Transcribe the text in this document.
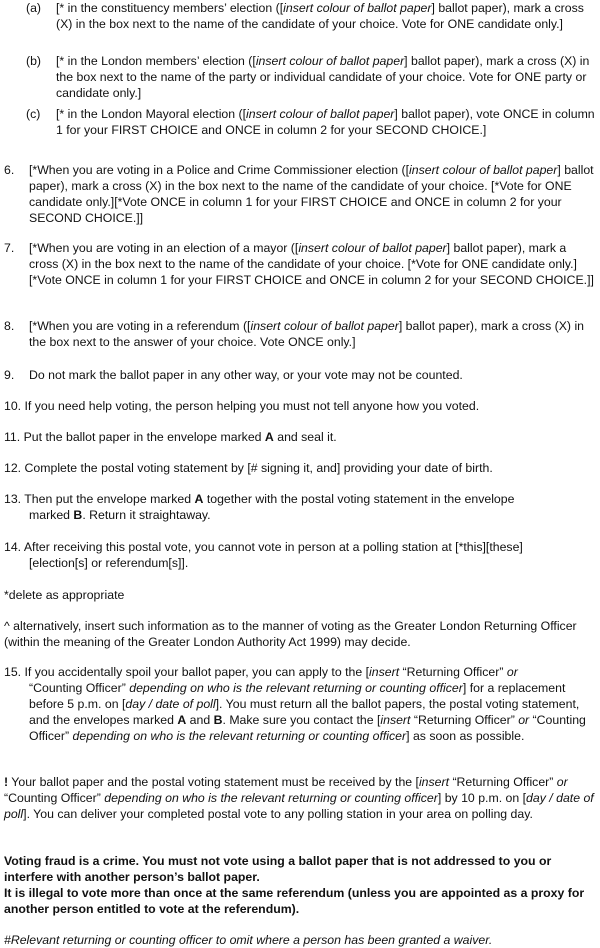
(a) [* in the constituency members’ election ([insert colour of ballot paper] ballot paper), mark a cross (X) in the box next to the name of the candidate of your choice. Vote for ONE candidate only.]
(b) [* in the London members’ election ([insert colour of ballot paper] ballot paper), mark a cross (X) in the box next to the name of the party or individual candidate of your choice. Vote for ONE party or candidate only.]
(c) [* in the London Mayoral election ([insert colour of ballot paper] ballot paper), vote ONCE in column 1 for your FIRST CHOICE and ONCE in column 2 for your SECOND CHOICE.]
6. [*When you are voting in a Police and Crime Commissioner election ([insert colour of ballot paper] ballot paper), mark a cross (X) in the box next to the name of the candidate of your choice. [*Vote for ONE candidate only.][*Vote ONCE in column 1 for your FIRST CHOICE and ONCE in column 2 for your SECOND CHOICE.]]
7. [*When you are voting in an election of a mayor ([insert colour of ballot paper] ballot paper), mark a cross (X) in the box next to the name of the candidate of your choice. [*Vote for ONE candidate only.][*Vote ONCE in column 1 for your FIRST CHOICE and ONCE in column 2 for your SECOND CHOICE.]]
8. [*When you are voting in a referendum ([insert colour of ballot paper] ballot paper), mark a cross (X) in the box next to the answer of your choice. Vote ONCE only.]
9. Do not mark the ballot paper in any other way, or your vote may not be counted.
10. If you need help voting, the person helping you must not tell anyone how you voted.
11. Put the ballot paper in the envelope marked A and seal it.
12. Complete the postal voting statement by [# signing it, and] providing your date of birth.
13. Then put the envelope marked A together with the postal voting statement in the envelope
marked B. Return it straightaway.
14. After receiving this postal vote, you cannot vote in person at a polling station at [*this][these]
[election[s] or referendum[s]].
*delete as appropriate
^ alternatively, insert such information as to the manner of voting as the Greater London Returning Officer (within the meaning of the Greater London Authority Act 1999) may decide.
15. If you accidentally spoil your ballot paper, you can apply to the [insert “Returning Officer” or
“Counting Officer” depending on who is the relevant returning or counting officer] for a replacement before 5 p.m. on [day / date of poll]. You must return all the ballot papers, the postal voting statement, and the envelopes marked A and B. Make sure you contact the [insert “Returning Officer” or “Counting Officer” depending on who is the relevant returning or counting officer] as soon as possible.
! Your ballot paper and the postal voting statement must be received by the [insert “Returning Officer” or “Counting Officer” depending on who is the relevant returning or counting officer] by 10 p.m. on [day / date of poll]. You can deliver your completed postal vote to any polling station in your area on polling day.
Voting fraud is a crime. You must not vote using a ballot paper that is not addressed to you or interfere with another person’s ballot paper.
It is illegal to vote more than once at the same referendum (unless you are appointed as a proxy for another person entitled to vote at the referendum).
#Relevant returning or counting officer to omit where a person has been granted a waiver.
